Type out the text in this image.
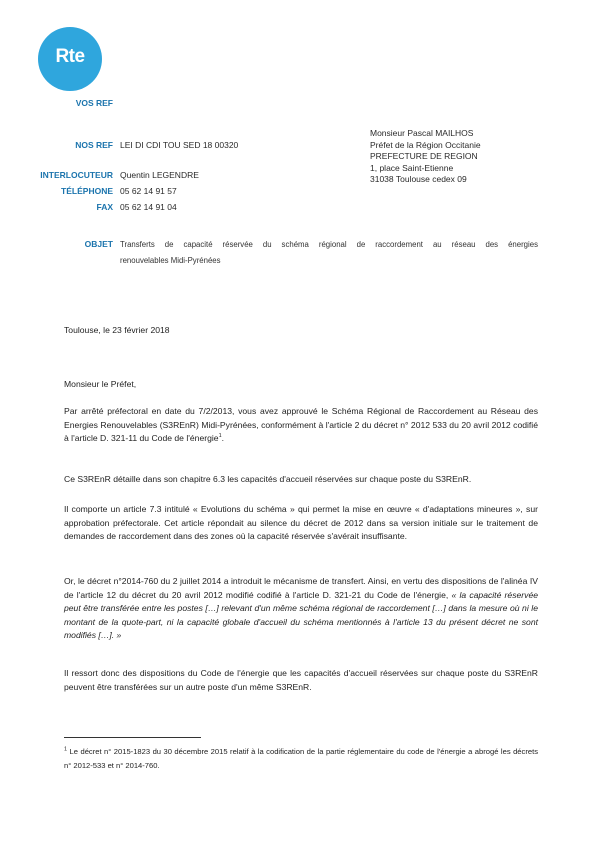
Rte
VOS REF
NOS REF LEI DI CDI TOU SED 18 00320
INTERLOCUTEUR Quentin LEGENDRE
TÉLÉPHONE 05 62 14 91 57
FAX 05 62 14 91 04
Monsieur Pascal MAILHOS
Préfet de la Région Occitanie
PREFECTURE DE REGION
1, place Saint-Etienne
31038 Toulouse cedex 09
OBJET Transferts de capacité réservée du schéma régional de raccordement au réseau des énergies
renouvelables Midi-Pyrénées
Toulouse, le 23 février 2018
Monsieur le Préfet,
Par arrêté préfectoral en date du 7/2/2013, vous avez approuvé le Schéma Régional de Raccordement au Réseau des Energies Renouvelables (S3REnR) Midi-Pyrénées, conformément à l'article 2 du décret n° 2012 533 du 20 avril 2012 codifié à l'article D. 321-11 du Code de l'énergie$^1$.
Ce S3REnR détaille dans son chapitre 6.3 les capacités d'accueil réservées sur chaque poste du S3REnR.
Il comporte un article 7.3 intitulé « Evolutions du schéma » qui permet la mise en œuvre « d'adaptations mineures », sur approbation préfectorale. Cet article répondait au silence du décret de 2012 dans sa version initiale sur le traitement de demandes de raccordement dans des zones où la capacité réservée s'avérait insuffisante.
Or, le décret n°2014-760 du 2 juillet 2014 a introduit le mécanisme de transfert. Ainsi, en vertu des dispositions de l'alinéa IV de l'article 12 du décret du 20 avril 2012 modifié codifié à l'article D. 321-21 du Code de l'énergie, « la capacité réservée peut être transférée entre les postes […] relevant d'un même schéma régional de raccordement […] dans la mesure où ni le montant de la quote-part, ni la capacité globale d'accueil du schéma mentionnés à l'article 13 du présent décret ne sont modifiés […]. »
Il ressort donc des dispositions du Code de l'énergie que les capacités d'accueil réservées sur chaque poste du S3REnR peuvent être transférées sur un autre poste d'un même S3REnR.
$^1$ Le décret n° 2015-1823 du 30 décembre 2015 relatif à la codification de la partie réglementaire du code de l'énergie a abrogé les décrets n° 2012-533 et n° 2014-760.
